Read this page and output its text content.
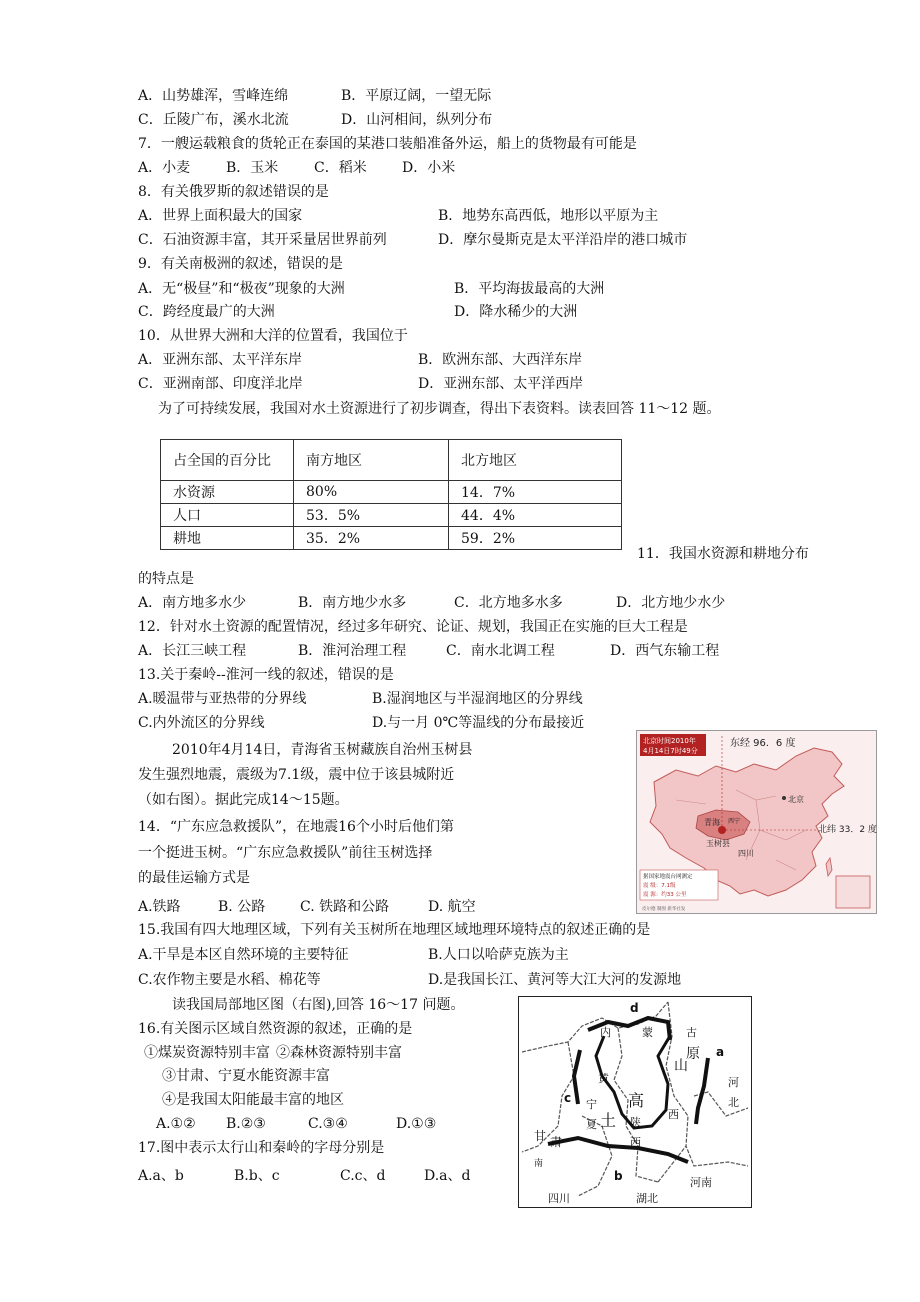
A．山势雄浑，雪峰连绵	B．平原辽阔，一望无际
C．丘陵广布，溪水北流	D．山河相间，纵列分布
7．一艘运载粮食的货轮正在泰国的某港口装船准备外运，船上的货物最有可能是
A．小麦	B．玉米	C．稻米	D．小米
8．有关俄罗斯的叙述错误的是
A．世界上面积最大的国家	B．地势东高西低，地形以平原为主
C．石油资源丰富，其开采量居世界前列	D．摩尔曼斯克是太平洋沿岸的港口城市
9．有关南极洲的叙述，错误的是
A．无“极昼”和“极夜”现象的大洲	B．平均海拔最高的大洲
C．跨经度最广的大洲	D．降水稀少的大洲
10．从世界大洲和大洋的位置看，我国位于
A．亚洲东部、太平洋东岸	B．欧洲东部、大西洋东岸
C．亚洲南部、印度洋北岸	D．亚洲东部、太平洋西岸
为了可持续发展，我国对水土资源进行了初步调查，得出下表资料。读表回答 11～12 题。
占全国的百分比	南方地区	北方地区
水资源	80%	14．7%
人口	53．5%	44．4%
耕地	35．2%	59．2%
11．我国水资源和耕地分布
的特点是
A．南方地多水少	B．南方地少水多	C．北方地多水多	D．北方地少水少
12．针对水土资源的配置情况，经过多年研究、论证、规划，我国正在实施的巨大工程是
A．长江三峡工程	B．淮河治理工程	C．南水北调工程	D．西气东输工程
13.关于秦岭--淮河一线的叙述，错误的是
A.暖温带与亚热带的分界线	B.湿润地区与半湿润地区的分界线
C.内外流区的分界线	D.与一月 0℃等温线的分布最接近
2010年4月14日，青海省玉树藏族自治州玉树县
发生强烈地震，震级为7.1级，震中位于该县城附近
（如右图）。据此完成14～15题。
14．“广东应急救援队”，在地震16个小时后他们第
一个挺进玉树。“广东应急救援队”前往玉树选择
的最佳运输方式是
A.铁路	B. 公路 C. 铁路和公路	D. 航空
15.我国有四大地理区域，下列有关玉树所在地理区域地理环境特点的叙述正确的是
A.干旱是本区自然环境的主要特征	B.人口以哈萨克族为主
C.农作物主要是水稻、棉花等	D.是我国长江、黄河等大江大河的发源地
读我国局部地区图（右图),回答 16～17 问题。
16.有关图示区域自然资源的叙述，正确的是
①煤炭资源特别丰富 ②森林资源特别丰富
③甘肃、宁夏水能资源丰富
④是我国太阳能最丰富的地区
A.①② B.②③	C.③④	D.①③
17.图中表示太行山和秦岭的字母分别是
A.a、b	B.b、c	C.c、d	D.a、d
北京时间2010年
4月14日7时49分
东经 96．6 度
北纬 33．2 度
北京
青海 西宁
玉树县
四川
据国家地震台网测定
震 级：7.1级
震 源：约33 公里
皮尔德 制图 新华社发
内	蒙	古
d
a
b
c
山
原
西
高
土
黄
宁
夏	陕
西
甘 肃
南
河
北
河南
四川	湖北
